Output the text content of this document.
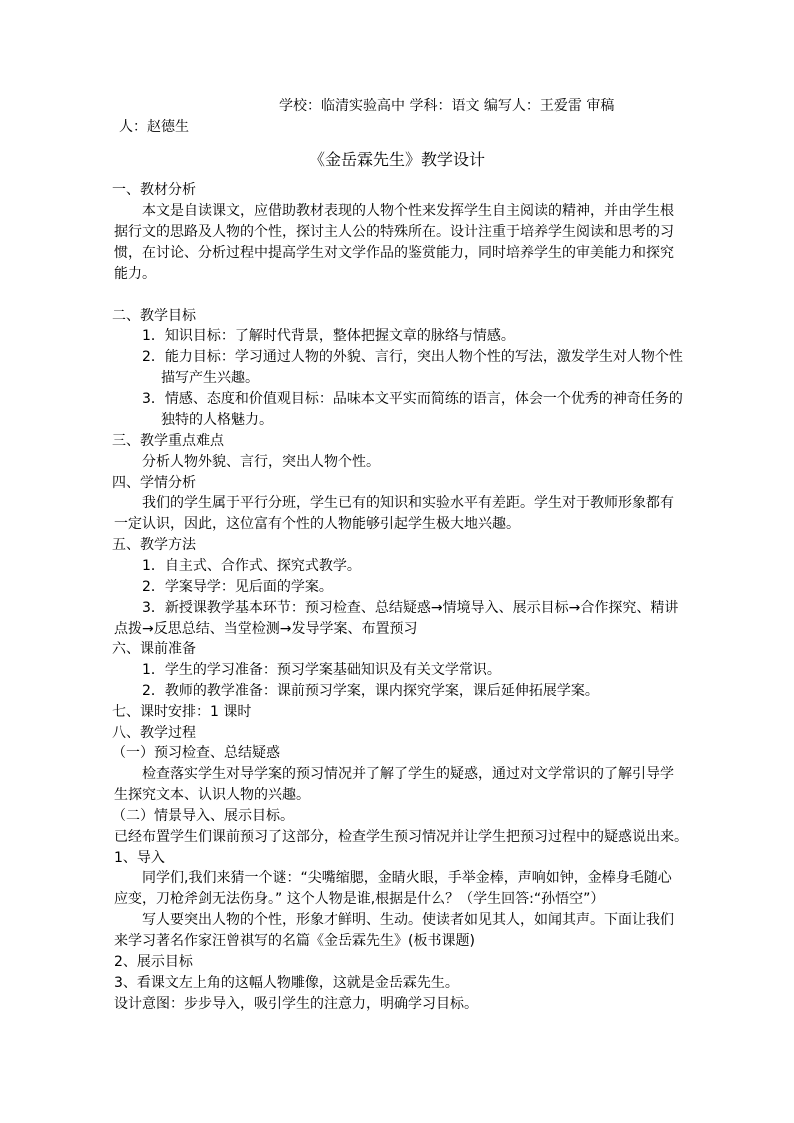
学校：临清实验高中 学科：语文 编写人：王爱雷 审稿
人：赵德生
《金岳霖先生》教学设计
一、教材分析
本文是自读课文，应借助教材表现的人物个性来发挥学生自主阅读的精神，并由学生根
据行文的思路及人物的个性，探讨主人公的特殊所在。设计注重于培养学生阅读和思考的习
惯，在讨论、分析过程中提高学生对文学作品的鉴赏能力，同时培养学生的审美能力和探究
能力。
二、教学目标
1．知识目标：了解时代背景，整体把握文章的脉络与情感。
2．能力目标：学习通过人物的外貌、言行，突出人物个性的写法，激发学生对人物个性
描写产生兴趣。
3．情感、态度和价值观目标：品味本文平实而简练的语言，体会一个优秀的神奇任务的
独特的人格魅力。
三、教学重点难点
分析人物外貌、言行，突出人物个性。
四、学情分析
我们的学生属于平行分班，学生已有的知识和实验水平有差距。学生对于教师形象都有
一定认识，因此，这位富有个性的人物能够引起学生极大地兴趣。
五、教学方法
1．自主式、合作式、探究式教学。
2．学案导学：见后面的学案。
3．新授课教学基本环节：预习检查、总结疑惑→情境导入、展示目标→合作探究、精讲
点拨→反思总结、当堂检测→发导学案、布置预习
六、课前准备
1．学生的学习准备：预习学案基础知识及有关文学常识。
2．教师的教学准备：课前预习学案，课内探究学案，课后延伸拓展学案。
七、课时安排：1 课时
八、教学过程
（一）预习检查、总结疑惑
检查落实学生对导学案的预习情况并了解了学生的疑惑，通过对文学常识的了解引导学
生探究文本、认识人物的兴趣。
（二）情景导入、展示目标。
已经布置学生们课前预习了这部分，检查学生预习情况并让学生把预习过程中的疑惑说出来。
1、导入
同学们,我们来猜一个谜：“尖嘴缩腮，金睛火眼，手举金棒，声响如钟，金棒身毛随心
应变，刀枪斧剑无法伤身。” 这个人物是谁,根据是什么？（学生回答:“孙悟空”）
写人要突出人物的个性，形象才鲜明、生动。使读者如见其人，如闻其声。下面让我们
来学习著名作家汪曾祺写的名篇《金岳霖先生》(板书课题)
2、展示目标
3、看课文左上角的这幅人物雕像，这就是金岳霖先生。
设计意图：步步导入，吸引学生的注意力，明确学习目标。
